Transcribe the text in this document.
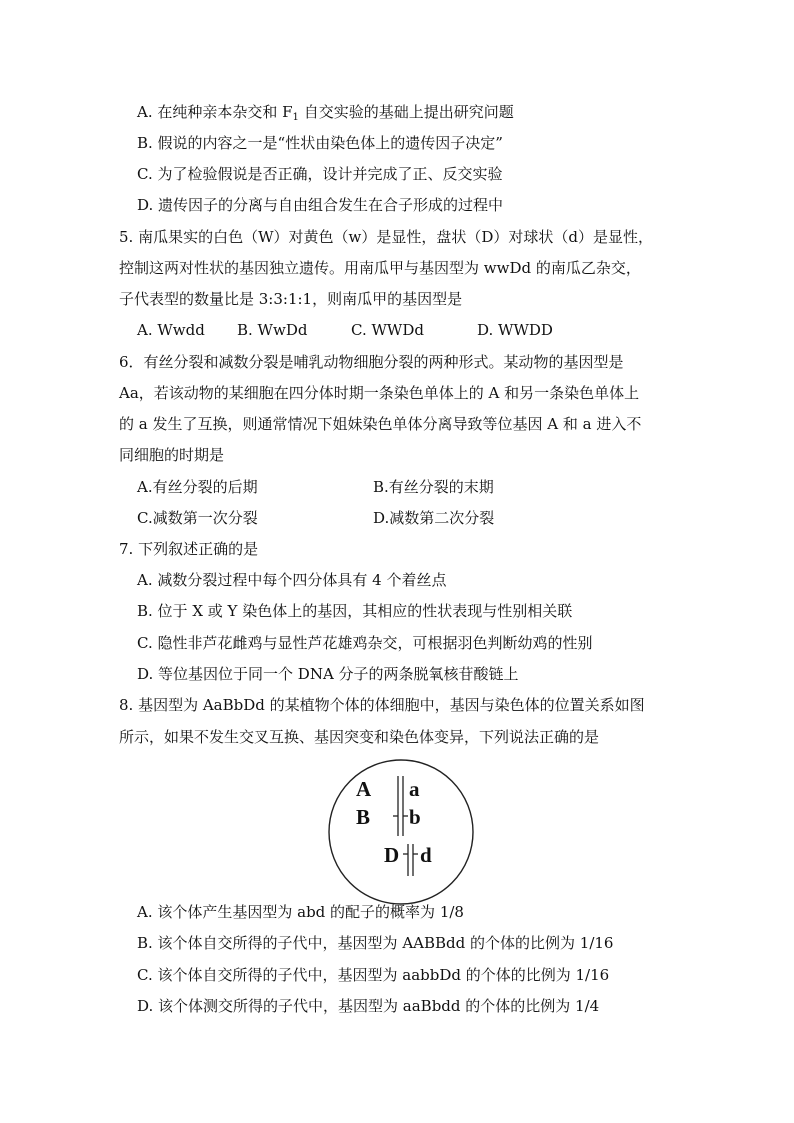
A. 在纯种亲本杂交和 $F_1$ 自交实验的基础上提出研究问题
B. 假说的内容之一是“性状由染色体上的遗传因子决定”
C. 为了检验假说是否正确，设计并完成了正、反交实验
D. 遗传因子的分离与自由组合发生在合子形成的过程中
5. 南瓜果实的白色（W）对黄色（w）是显性，盘状（D）对球状（d）是显性，
控制这两对性状的基因独立遗传。用南瓜甲与基因型为 wwDd 的南瓜乙杂交，
子代表型的数量比是 3:3:1:1，则南瓜甲的基因型是
A. Wwdd B. WwDd	C. WWDd	D. WWDD
6．有丝分裂和减数分裂是哺乳动物细胞分裂的两种形式。某动物的基因型是
Aa，若该动物的某细胞在四分体时期一条染色单体上的 A 和另一条染色单体上
的 a 发生了互换，则通常情况下姐妹染色单体分离导致等位基因 A 和 a 进入不
同细胞的时期是
A.有丝分裂的后期	B.有丝分裂的末期
C.减数第一次分裂	D.减数第二次分裂
7. 下列叙述正确的是
A. 减数分裂过程中每个四分体具有 4 个着丝点
B. 位于 X 或 Y 染色体上的基因，其相应的性状表现与性别相关联
C. 隐性非芦花雌鸡与显性芦花雄鸡杂交，可根据羽色判断幼鸡的性别
D. 等位基因位于同一个 DNA 分子的两条脱氧核苷酸链上
8. 基因型为 AaBbDd 的某植物个体的体细胞中，基因与染色体的位置关系如图
所示，如果不发生交叉互换、基因突变和染色体变异，下列说法正确的是
A a
B b
D d
A. 该个体产生基因型为 abd 的配子的概率为 1/8
B. 该个体自交所得的子代中，基因型为 AABBdd 的个体的比例为 1/16
C. 该个体自交所得的子代中，基因型为 aabbDd 的个体的比例为 1/16
D. 该个体测交所得的子代中，基因型为 aaBbdd 的个体的比例为 1/4
